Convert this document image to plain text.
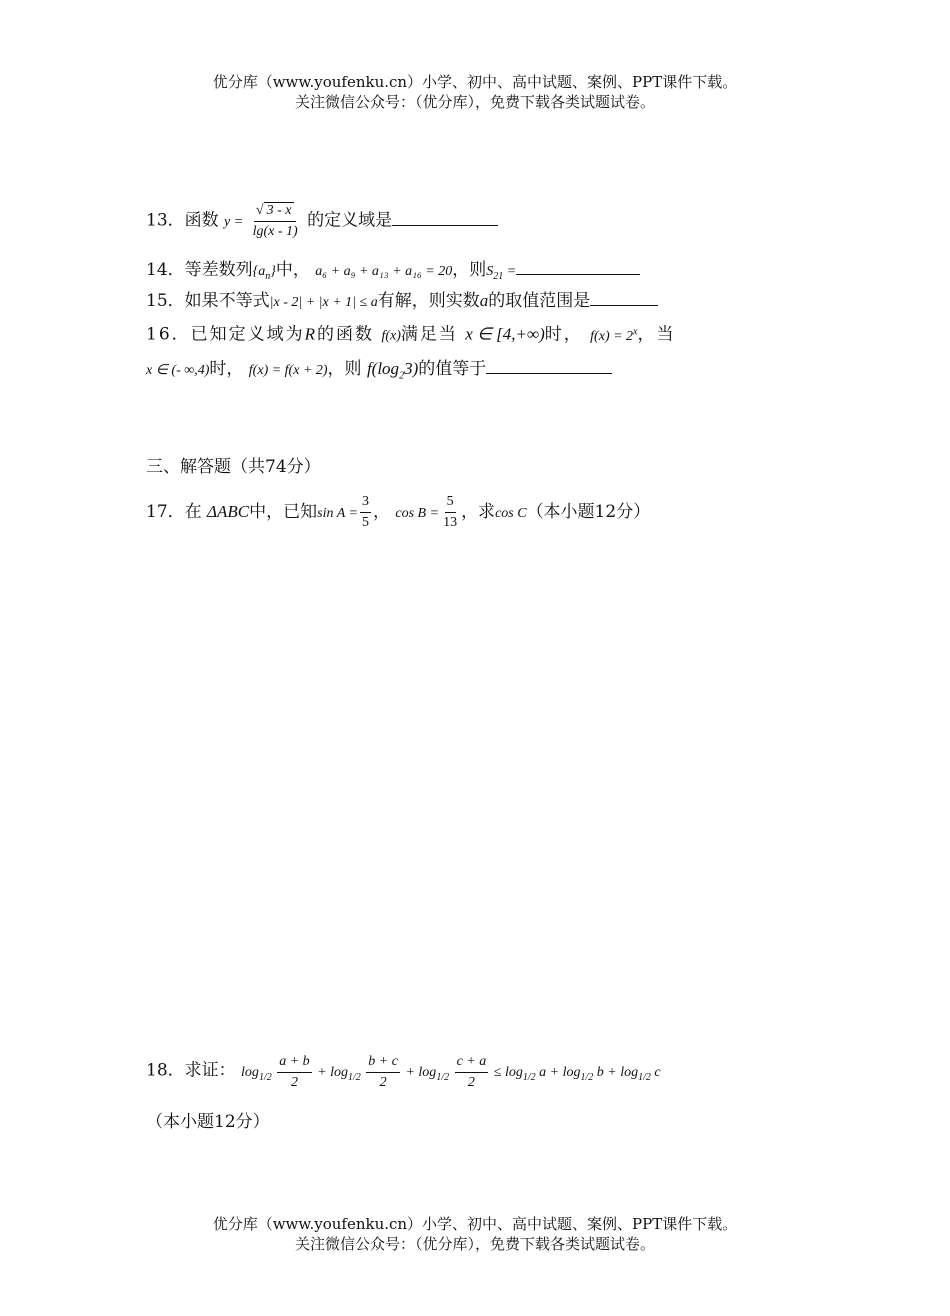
优分库（www.youfenku.cn）小学、初中、高中试题、案例、PPT课件下载。
关注微信公众号：（优分库），免费下载各类试题试卷。
13．函数 $y = \frac{√ 3 - x}{\lg(x - 1)}$ 的定义域是
14．等差数列$\{a_n\}$中， a₆ + a₉ + a₁₃ + a₁₆ = 20，则$S_{21}$ =
15．如果不等式|x - 2| + |x + 1| ≤ a有解，则实数a的取值范围是
16．已知定义域为R的函数 f(x)满足当 x ∈ [4,+∞)时， $f(x) = 2^x$，当
x ∈ (- ∞,4)时， f(x) = f(x + 2)，则 $f(\log_23)$的值等于
三、解答题（共74分）
17．在 ΔABC中，已知$\sin A = \frac{3}{5}$ ， $\cos B = \frac{5}{13}$ ，求cos C（本小题12分）
18．求证： $\log_{1/2} \frac{a + b}{2} + \log_{1/2} \frac{b + c}{2} + \log_{1/2} \frac{c + a}{2} \le \log_{1/2} a + \log_{1/2} b + \log_{1/2} c$
（本小题12分）
优分库（www.youfenku.cn）小学、初中、高中试题、案例、PPT课件下载。
关注微信公众号：（优分库），免费下载各类试题试卷。
